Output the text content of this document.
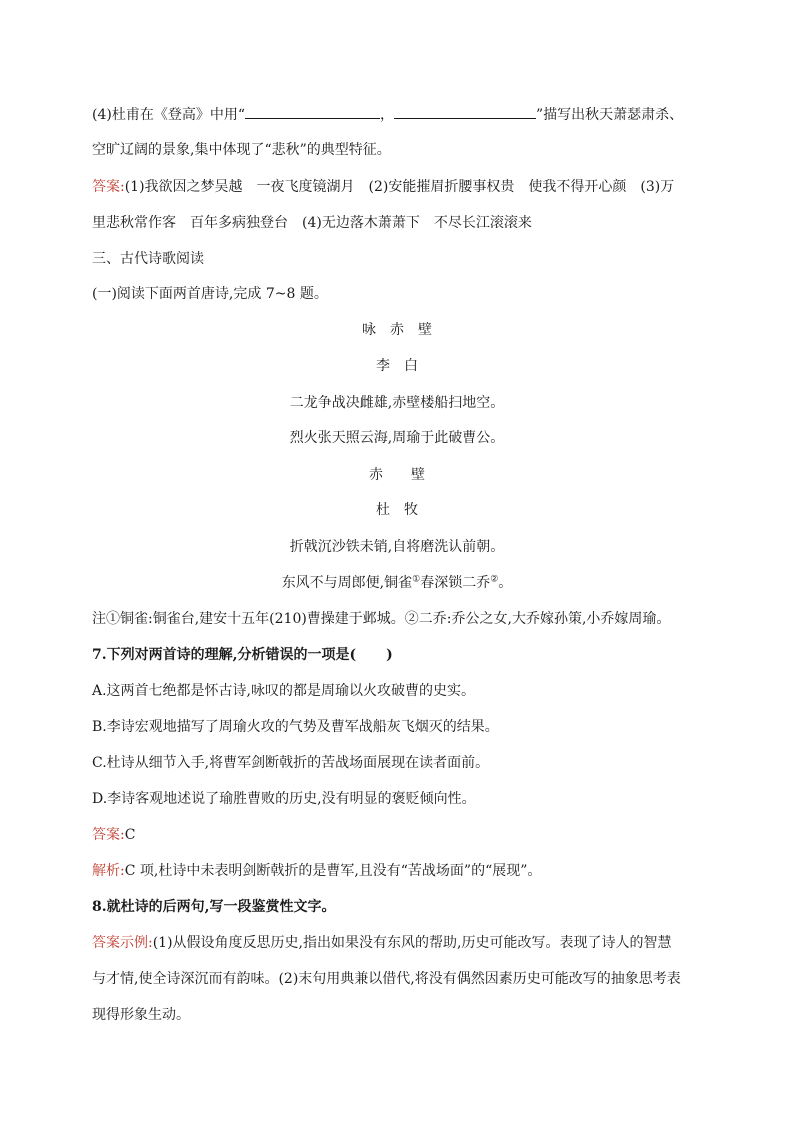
(4)杜甫在《登高》中用“	，	”描写出秋天萧瑟肃杀、
空旷辽阔的景象,集中体现了“悲秋”的典型特征。
答案:(1)我欲因之梦吴越　一夜飞度镜湖月　(2)安能摧眉折腰事权贵　使我不得开心颜　(3)万
里悲秋常作客　百年多病独登台　(4)无边落木萧萧下　不尽长江滚滚来
三、古代诗歌阅读
(一)阅读下面两首唐诗,完成 7~8 题。
咏　赤　壁
李　白
二龙争战决雌雄,赤壁楼船扫地空。
烈火张天照云海,周瑜于此破曹公。
赤　　壁
杜　牧
折戟沉沙铁未销,自将磨洗认前朝。
东风不与周郎便,铜雀①春深锁二乔②。
注①铜雀:铜雀台,建安十五年(210)曹操建于邺城。②二乔:乔公之女,大乔嫁孙策,小乔嫁周瑜。
7.下列对两首诗的理解,分析错误的一项是( )
A.这两首七绝都是怀古诗,咏叹的都是周瑜以火攻破曹的史实。
B.李诗宏观地描写了周瑜火攻的气势及曹军战船灰飞烟灭的结果。
C.杜诗从细节入手,将曹军剑断戟折的苦战场面展现在读者面前。
D.李诗客观地述说了瑜胜曹败的历史,没有明显的褒贬倾向性。
答案:C
解析:C 项,杜诗中未表明剑断戟折的是曹军,且没有“苦战场面”的“展现”。
8.就杜诗的后两句,写一段鉴赏性文字。
答案示例:(1)从假设角度反思历史,指出如果没有东风的帮助,历史可能改写。表现了诗人的智慧
与才情,使全诗深沉而有韵味。(2)末句用典兼以借代,将没有偶然因素历史可能改写的抽象思考表
现得形象生动。
